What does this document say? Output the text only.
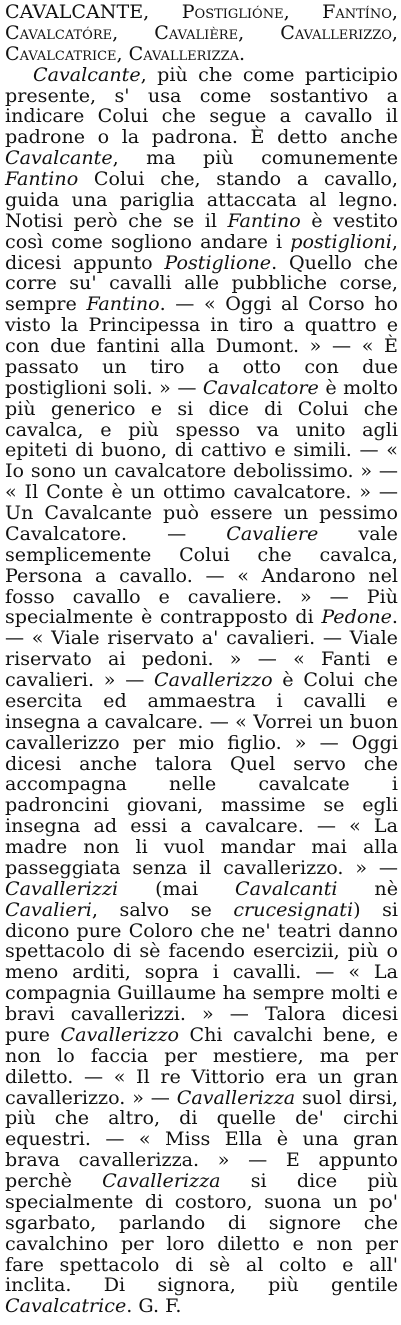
CAVALCANTE, Postiglióne, Fantíno, Cavalcatóre, Cavalière, Cavallerizzo, Cavalcatrice, Cavallerizza.

Cavalcante, più che come participio presente, s' usa come sostantivo a indicare Colui che segue a cavallo il padrone o la padrona. È detto anche Cavalcante, ma più comunemente Fantino Colui che, stando a cavallo, guida una pariglia attaccata al legno. Notisi però che se il Fantino è vestito così come sogliono andare i postiglioni, dicesi appunto Postiglione. Quello che corre su' cavalli alle pubbliche corse, sempre Fantino. — « Oggi al Corso ho visto la Principessa in tiro a quattro e con due fantini alla Dumont. » — « È passato un tiro a otto con due postiglioni soli. » — Cavalcatore è molto più generico e si dice di Colui che cavalca, e più spesso va unito agli epiteti di buono, di cattivo e simili. — « Io sono un cavalcatore debolissimo. » — « Il Conte è un ottimo cavalcatore. » — Un Cavalcante può essere un pessimo Cavalcatore. — Cavaliere vale semplicemente Colui che cavalca, Persona a cavallo. — « Andarono nel fosso cavallo e cavaliere. » — Più specialmente è contrapposto di Pedone. — « Viale riservato a' cavalieri. — Viale riservato ai pedoni. » — « Fanti e cavalieri. » — Cavallerizzo è Colui che esercita ed ammaestra i cavalli e insegna a cavalcare. — « Vorrei un buon cavallerizzo per mio figlio. » — Oggi dicesi anche talora Quel servo che accompagna nelle cavalcate i padroncini giovani, massime se egli insegna ad essi a cavalcare. — « La madre non li vuol mandar mai alla passeggiata senza il cavallerizzo. » — Cavallerizzi (mai Cavalcanti nè Cavalieri, salvo se crucesignati) si dicono pure Coloro che ne' teatri danno spettacolo di sè facendo esercizii, più o meno arditi, sopra i cavalli. — « La compagnia Guillaume ha sempre molti e bravi cavallerizzi. » — Talora dicesi pure Cavallerizzo Chi cavalchi bene, e non lo faccia per mestiere, ma per diletto. — « Il re Vittorio era un gran cavallerizzo. » — Cavallerizza suol dirsi, più che altro, di quelle de' circhi equestri. — « Miss Ella è una gran brava cavallerizza. » — E appunto perchè Cavallerizza si dice più specialmente di costoro, suona un po' sgarbato, parlando di signore che cavalchino per loro diletto e non per fare spettacolo di sè al colto e all' inclita. Di signora, più gentile Cavalcatrice. G. F.
